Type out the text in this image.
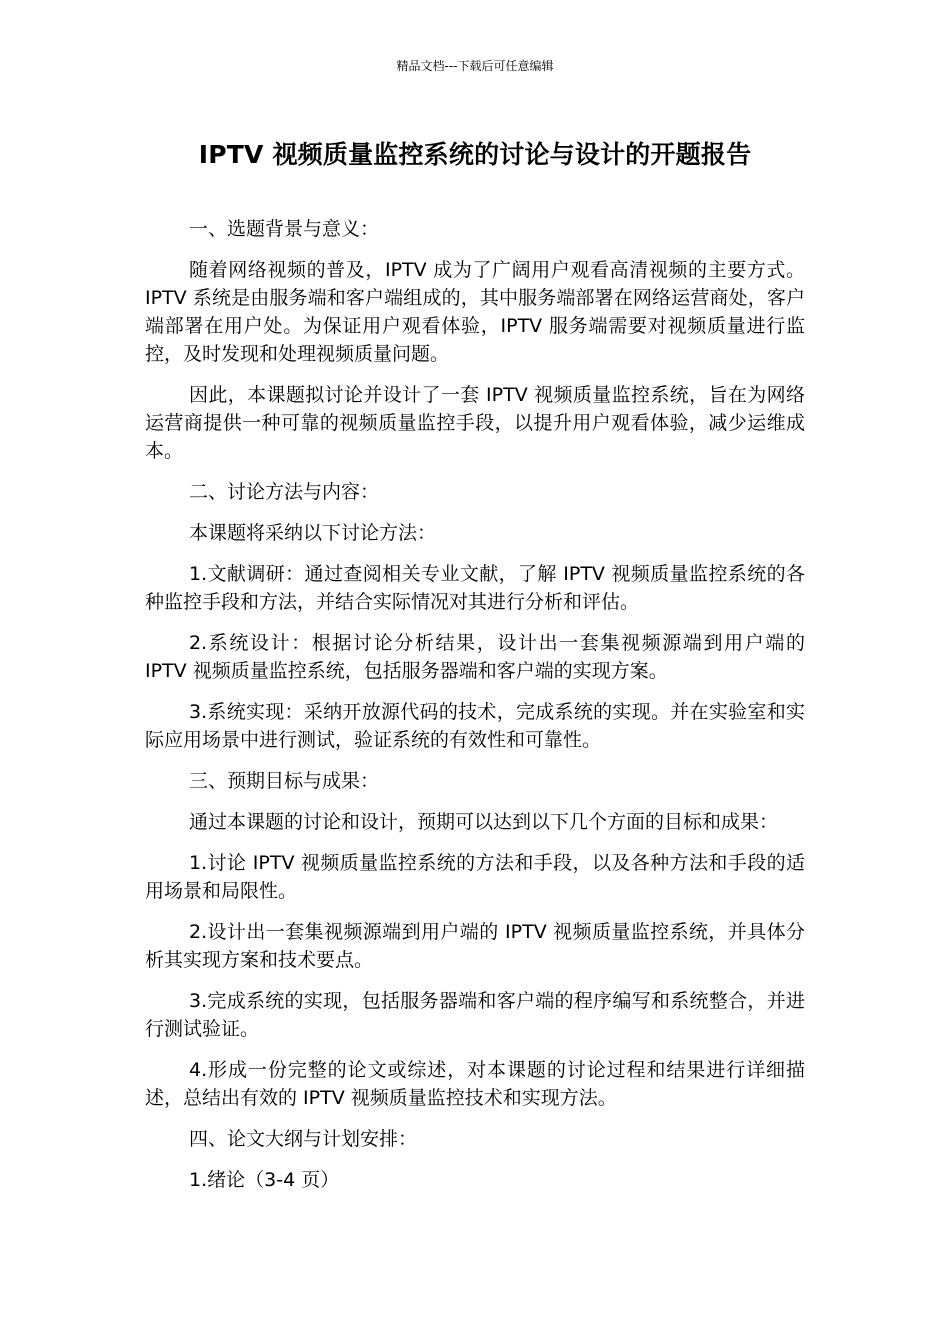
精品文档---下载后可任意编辑
IPTV 视频质量监控系统的讨论与设计的开题报告

一、选题背景与意义：

随着网络视频的普及，IPTV 成为了广阔用户观看高清视频的主要方式。IPTV 系统是由服务端和客户端组成的，其中服务端部署在网络运营商处，客户端部署在用户处。为保证用户观看体验，IPTV 服务端需要对视频质量进行监控，及时发现和处理视频质量问题。

因此，本课题拟讨论并设计了一套 IPTV 视频质量监控系统，旨在为网络运营商提供一种可靠的视频质量监控手段，以提升用户观看体验，减少运维成本。

二、讨论方法与内容：

本课题将采纳以下讨论方法：

1.文献调研：通过查阅相关专业文献，了解 IPTV 视频质量监控系统的各种监控手段和方法，并结合实际情况对其进行分析和评估。

2.系统设计：根据讨论分析结果，设计出一套集视频源端到用户端的 IPTV 视频质量监控系统，包括服务器端和客户端的实现方案。

3.系统实现：采纳开放源代码的技术，完成系统的实现。并在实验室和实际应用场景中进行测试，验证系统的有效性和可靠性。

三、预期目标与成果：

通过本课题的讨论和设计，预期可以达到以下几个方面的目标和成果：

1.讨论 IPTV 视频质量监控系统的方法和手段，以及各种方法和手段的适用场景和局限性。

2.设计出一套集视频源端到用户端的 IPTV 视频质量监控系统，并具体分析其实现方案和技术要点。

3.完成系统的实现，包括服务器端和客户端的程序编写和系统整合，并进行测试验证。

4.形成一份完整的论文或综述，对本课题的讨论过程和结果进行详细描述，总结出有效的 IPTV 视频质量监控技术和实现方法。

四、论文大纲与计划安排：

1.绪论（3-4 页）
